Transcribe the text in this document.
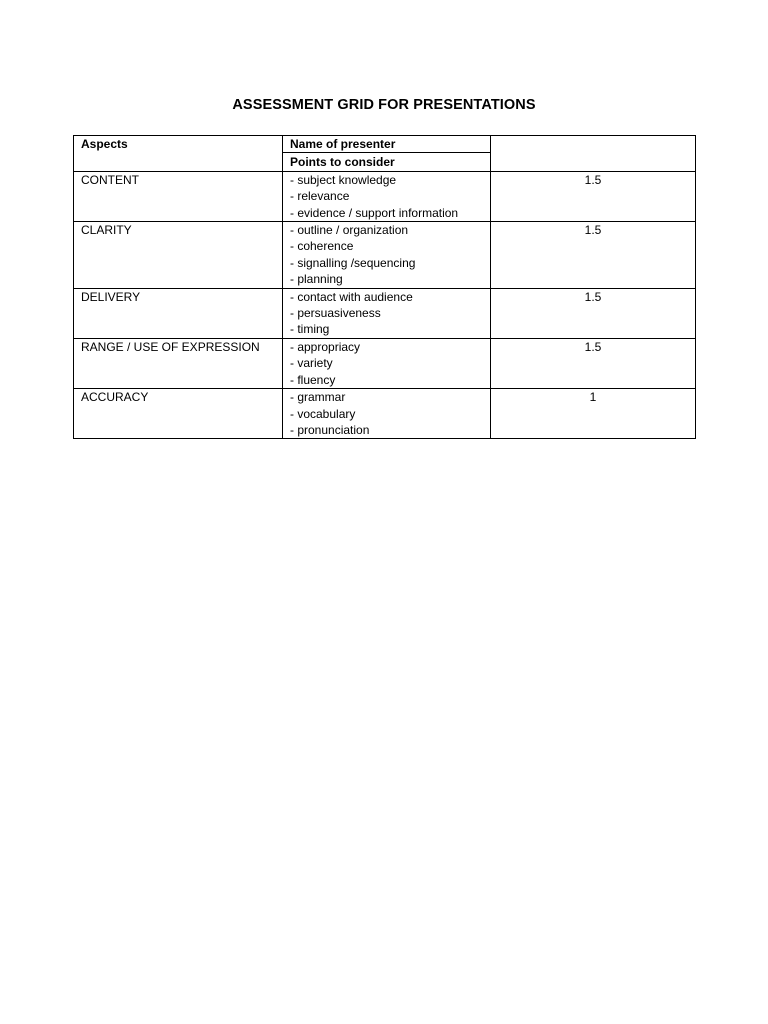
ASSESSMENT GRID FOR PRESENTATIONS
Aspects	Name of presenter	
	Points to consider	
CONTENT	- subject knowledge
- relevance
- evidence / support information	1.5
CLARITY	- outline / organization
- coherence
- signalling /sequencing
- planning	1.5
DELIVERY	- contact with audience
- persuasiveness
- timing	1.5
RANGE / USE OF EXPRESSION	- appropriacy
- variety
- fluency	1.5
ACCURACY	- grammar
- vocabulary
- pronunciation	1
